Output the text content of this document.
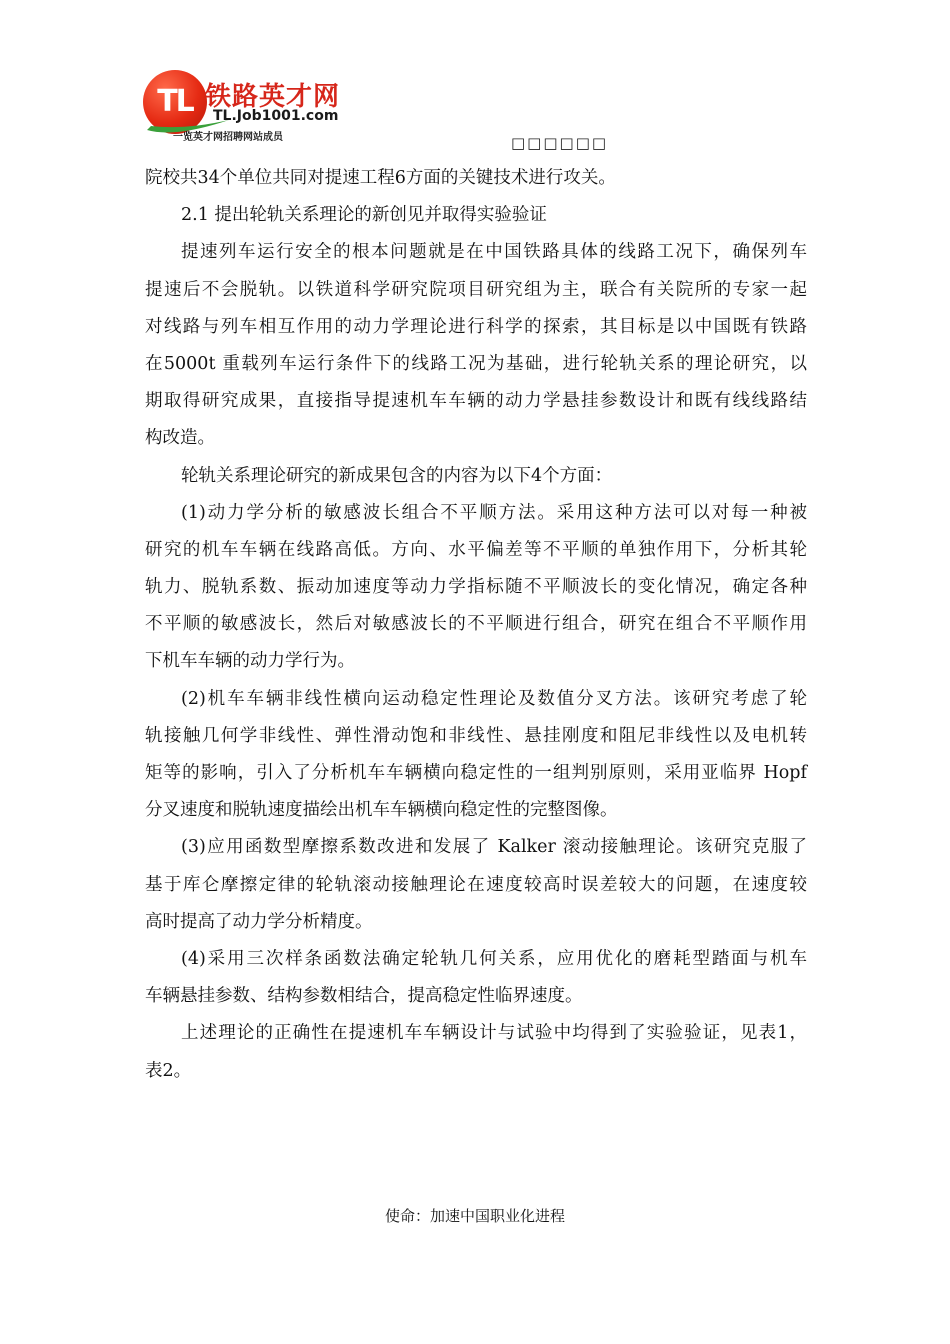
TL 铁路英才网
TL.Job1001.com
一览英才网招聘网站成员	□□□□□□
院校共34个单位共同对提速工程6方面的关键技术进行攻关。
2.1 提出轮轨关系理论的新创见并取得实验验证
提速列车运行安全的根本问题就是在中国铁路具体的线路工况下，确保列车
提速后不会脱轨。以铁道科学研究院项目研究组为主，联合有关院所的专家一起
对线路与列车相互作用的动力学理论进行科学的探索，其目标是以中国既有铁路
在5000t 重载列车运行条件下的线路工况为基础，进行轮轨关系的理论研究，以
期取得研究成果，直接指导提速机车车辆的动力学悬挂参数设计和既有线线路结
构改造。
轮轨关系理论研究的新成果包含的内容为以下4个方面：
(1)动力学分析的敏感波长组合不平顺方法。采用这种方法可以对每一种被
研究的机车车辆在线路高低。方向、水平偏差等不平顺的单独作用下，分析其轮
轨力、脱轨系数、振动加速度等动力学指标随不平顺波长的变化情况，确定各种
不平顺的敏感波长，然后对敏感波长的不平顺进行组合，研究在组合不平顺作用
下机车车辆的动力学行为。
(2)机车车辆非线性横向运动稳定性理论及数值分叉方法。该研究考虑了轮
轨接触几何学非线性、弹性滑动饱和非线性、悬挂刚度和阻尼非线性以及电机转
矩等的影响，引入了分析机车车辆横向稳定性的一组判别原则，采用亚临界 Hopf
分叉速度和脱轨速度描绘出机车车辆横向稳定性的完整图像。
(3)应用函数型摩擦系数改进和发展了 Kalker 滚动接触理论。该研究克服了
基于库仑摩擦定律的轮轨滚动接触理论在速度较高时误差较大的问题，在速度较
高时提高了动力学分析精度。
(4)采用三次样条函数法确定轮轨几何关系，应用优化的磨耗型踏面与机车
车辆悬挂参数、结构参数相结合，提高稳定性临界速度。
上述理论的正确性在提速机车车辆设计与试验中均得到了实验验证，见表1，
表2。
使命：加速中国职业化进程
